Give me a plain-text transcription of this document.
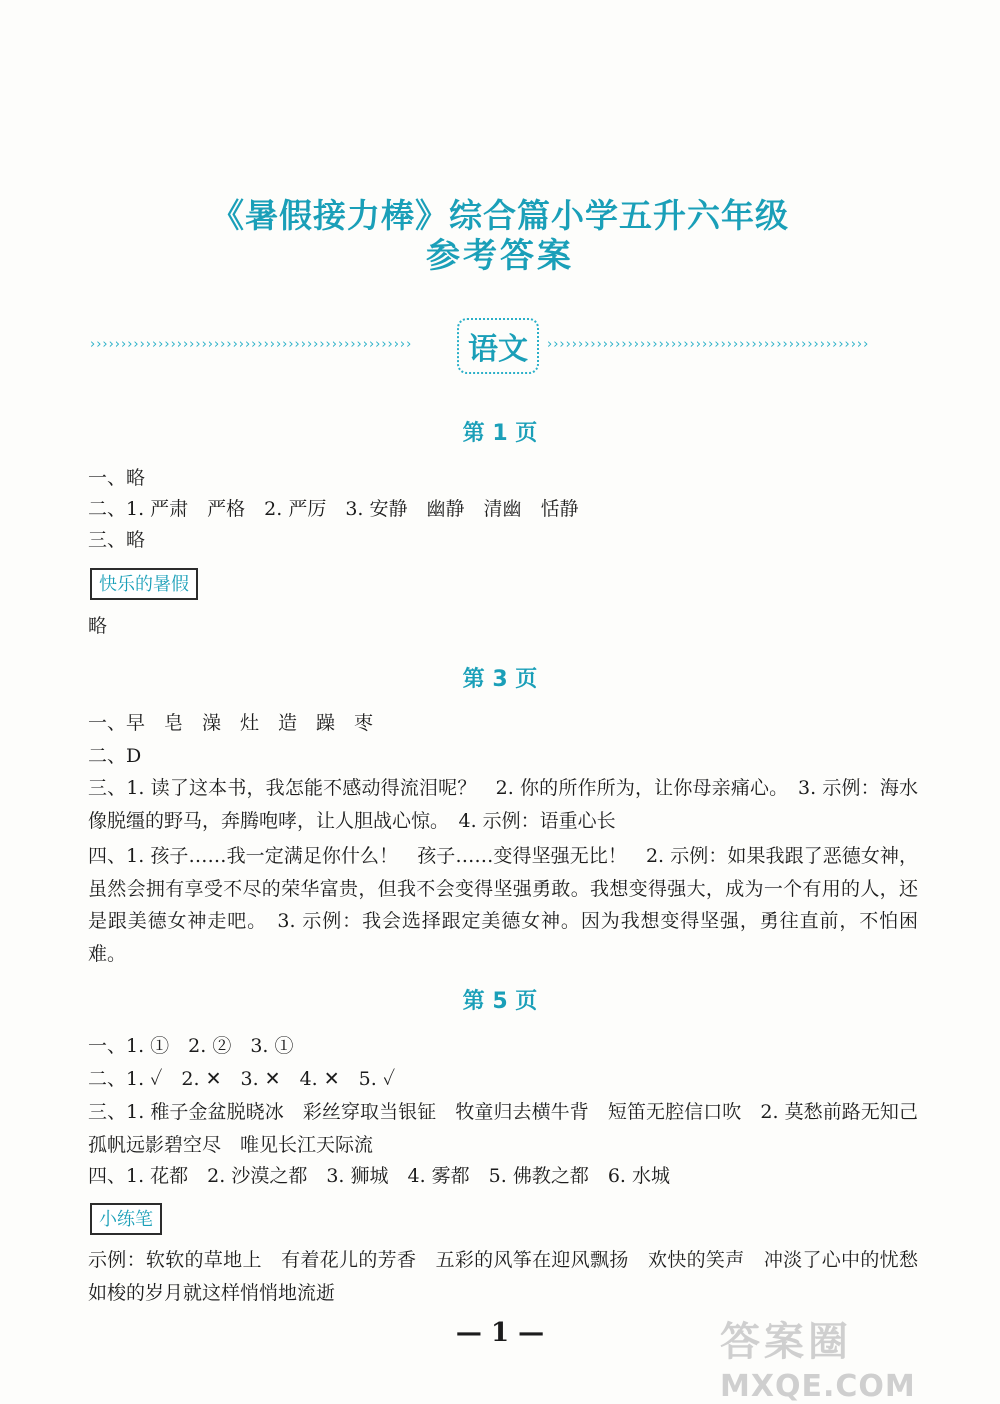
《暑假接力棒》综合篇小学五升六年级
参考答案
››››››››››››››››››››››››››››››››››››››››››››››››››››	语文	››››››››››››››››››››››››››››››››››››››››››››››››››››
第 1 页
一、略
二、1. 严肃　严格　2. 严厉　3. 安静　幽静　清幽　恬静
三、略
快乐的暑假
略
第 3 页
一、早　皂　澡　灶　造　躁　枣
二、D
三、1. 读了这本书，我怎能不感动得流泪呢？　2. 你的所作所为，让你母亲痛心。　3. 示例：海水像脱缰的野马，奔腾咆哮，让人胆战心惊。　4. 示例：语重心长
四、1. 孩子……我一定满足你什么！　孩子……变得坚强无比！　2. 示例：如果我跟了恶德女神，虽然会拥有享受不尽的荣华富贵，但我不会变得坚强勇敢。我想变得强大，成为一个有用的人，还是跟美德女神走吧。　3. 示例：我会选择跟定美德女神。因为我想变得坚强，勇往直前，不怕困难。
第 5 页
一、1. ①　2. ②　3. ①
二、1. ✓　2. ✕　3. ✕　4. ✕　5. ✓
三、1. 稚子金盆脱晓冰　彩丝穿取当银钲　牧童归去横牛背　短笛无腔信口吹　2. 莫愁前路无知己　孤帆远影碧空尽　唯见长江天际流
四、1. 花都　2. 沙漠之都　3. 狮城　4. 雾都　5. 佛教之都　6. 水城
小练笔
示例：软软的草地上　有着花儿的芳香　五彩的风筝在迎风飘扬　欢快的笑声　冲淡了心中的忧愁　如梭的岁月就这样悄悄地流逝
— 1 —	答案圈
MXQE.COM
